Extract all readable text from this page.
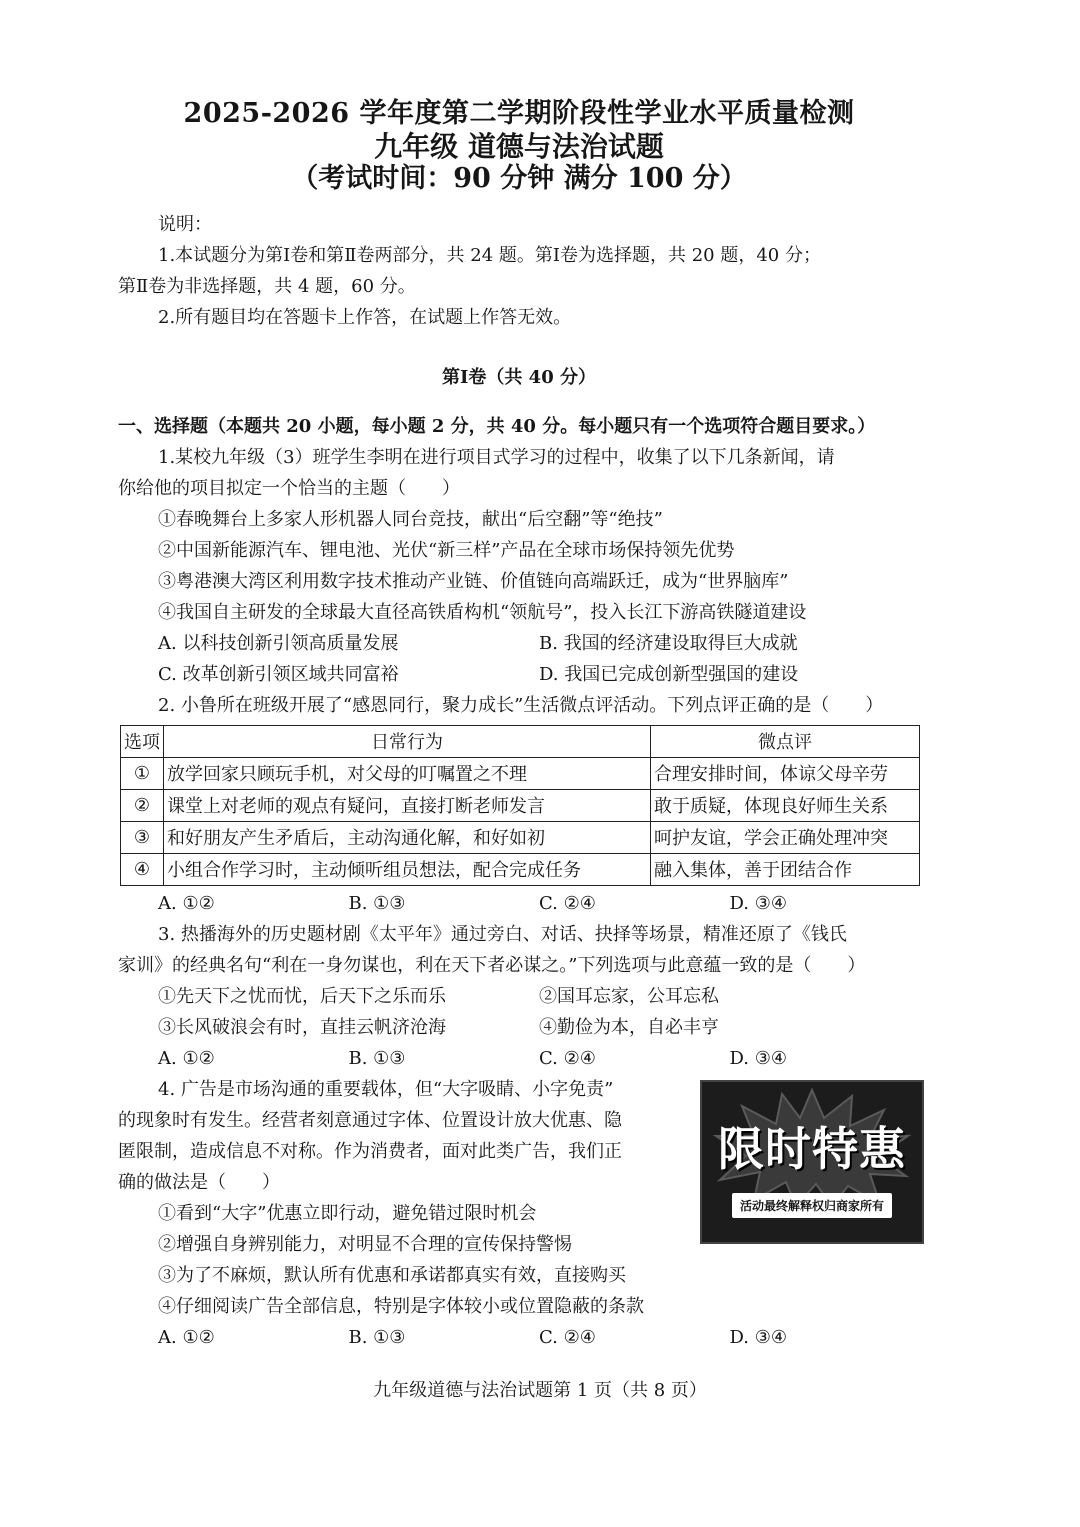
2025-2026 学年度第二学期阶段性学业水平质量检测

九年级 道德与法治试题

（考试时间：90 分钟 满分 100 分）

说明：

1.本试题分为第Ⅰ卷和第Ⅱ卷两部分，共 24 题。第Ⅰ卷为选择题，共 20 题，40 分；

第Ⅱ卷为非选择题，共 4 题，60 分。

2.所有题目均在答题卡上作答，在试题上作答无效。

第Ⅰ卷（共 40 分）

一、选择题（本题共 20 小题，每小题 2 分，共 40 分。每小题只有一个选项符合题目要求。）

1.某校九年级（3）班学生李明在进行项目式学习的过程中，收集了以下几条新闻，请

你给他的项目拟定一个恰当的主题（　　）

①春晚舞台上多家人形机器人同台竞技，献出“后空翻”等“绝技”

②中国新能源汽车、锂电池、光伏“新三样”产品在全球市场保持领先优势

③粤港澳大湾区利用数字技术推动产业链、价值链向高端跃迁，成为“世界脑库”

④我国自主研发的全球最大直径高铁盾构机“领航号”，投入长江下游高铁隧道建设

A. 以科技创新引领高质量发展	B. 我国的经济建设取得巨大成就
C. 改革创新引领区域共同富裕	D. 我国已完成创新型强国的建设

2. 小鲁所在班级开展了“感恩同行，聚力成长”生活微点评活动。下列点评正确的是（　　）

选项	日常行为	微点评
①	放学回家只顾玩手机，对父母的叮嘱置之不理	合理安排时间，体谅父母辛劳
②	课堂上对老师的观点有疑问，直接打断老师发言	敢于质疑，体现良好师生关系
③	和好朋友产生矛盾后，主动沟通化解，和好如初	呵护友谊，学会正确处理冲突
④	小组合作学习时，主动倾听组员想法，配合完成任务	融入集体，善于团结合作
A. ①②	B. ①③	C. ②④	D. ③④

3. 热播海外的历史题材剧《太平年》通过旁白、对话、抉择等场景，精准还原了《钱氏

家训》的经典名句“利在一身勿谋也，利在天下者必谋之。”下列选项与此意蕴一致的是（　　）

①先天下之忧而忧，后天下之乐而乐	②国耳忘家，公耳忘私
③长风破浪会有时，直挂云帆济沧海	④勤俭为本，自必丰亨
A. ①②	B. ①③	C. ②④	D. ③④

4. 广告是市场沟通的重要载体，但“大字吸睛、小字免责”

的现象时有发生。经营者刻意通过字体、位置设计放大优惠、隐

匿限制，造成信息不对称。作为消费者，面对此类广告，我们正

确的做法是（　　）

①看到“大字”优惠立即行动，避免错过限时机会

②增强自身辨别能力，对明显不合理的宣传保持警惕

③为了不麻烦，默认所有优惠和承诺都真实有效，直接购买

④仔细阅读广告全部信息，特别是字体较小或位置隐蔽的条款

A. ①②	B. ①③	C. ②④	D. ③④
限时特惠
活动最终解释权归商家所有
九年级道德与法治试题第 1 页（共 8 页）
